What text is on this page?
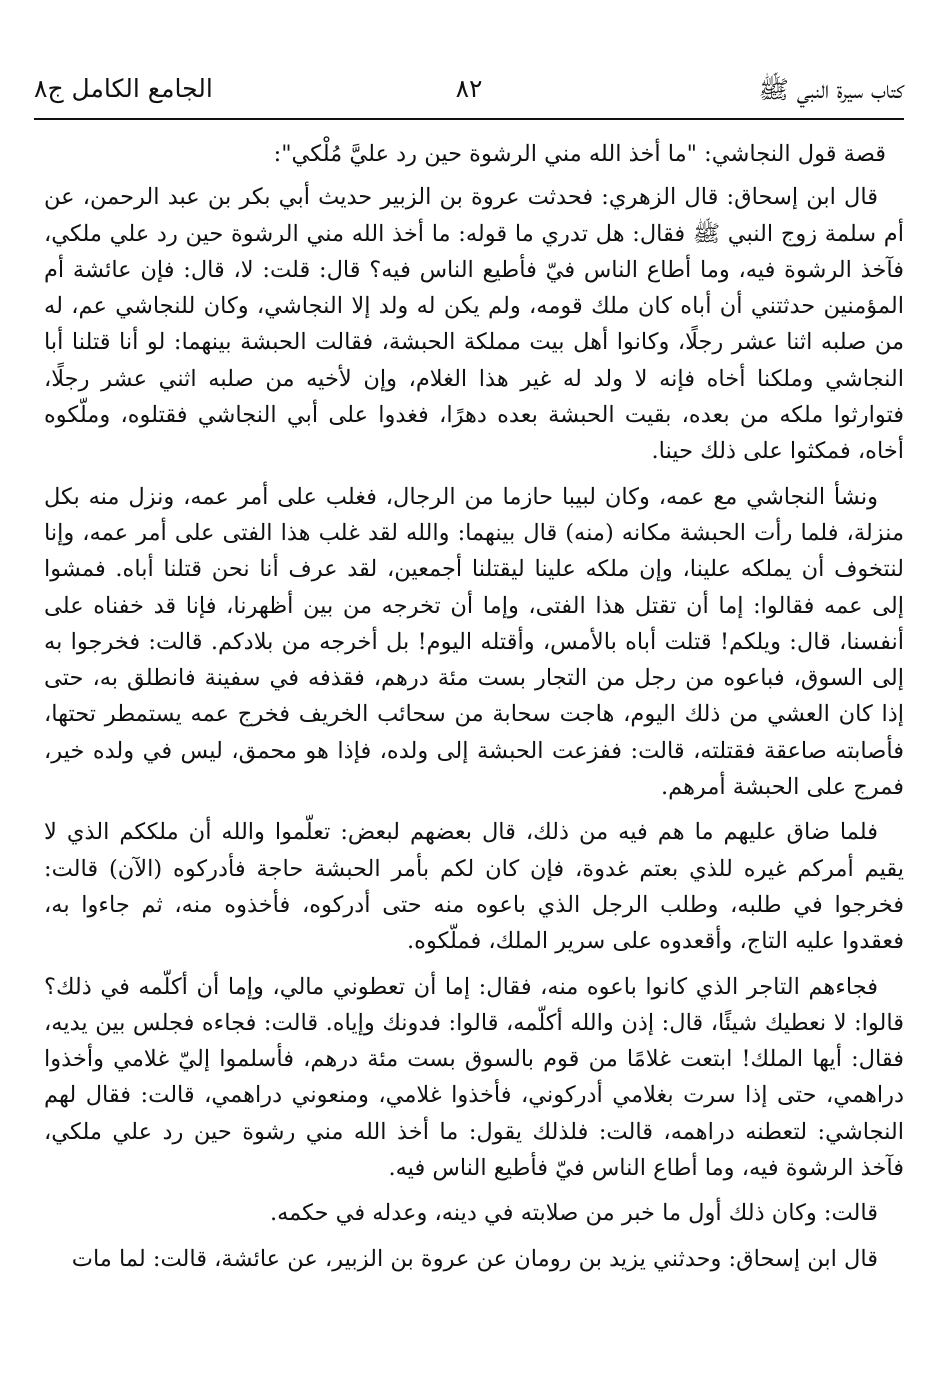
كتاب سيرة النبي ﷺ
٨٢
الجامع الكامل ج٨

قصة قول النجاشي: "ما أخذ الله مني الرشوة حين رد عليَّ مُلْكي":

قال ابن إسحاق: قال الزهري: فحدثت عروة بن الزبير حديث أبي بكر بن عبد الرحمن، عن أم سلمة زوج النبي ﷺ فقال: هل تدري ما قوله: ما أخذ الله مني الرشوة حين رد علي ملكي، فآخذ الرشوة فيه، وما أطاع الناس فيّ فأطيع الناس فيه؟ قال: قلت: لا، قال: فإن عائشة أم المؤمنين حدثتني أن أباه كان ملك قومه، ولم يكن له ولد إلا النجاشي، وكان للنجاشي عم، له من صلبه اثنا عشر رجلًا، وكانوا أهل بيت مملكة الحبشة، فقالت الحبشة بينهما: لو أنا قتلنا أبا النجاشي وملكنا أخاه فإنه لا ولد له غير هذا الغلام، وإن لأخيه من صلبه اثني عشر رجلًا، فتوارثوا ملكه من بعده، بقيت الحبشة بعده دهرًا، فغدوا على أبي النجاشي فقتلوه، وملّكوه أخاه، فمكثوا على ذلك حينا.

ونشأ النجاشي مع عمه، وكان لبيبا حازما من الرجال، فغلب على أمر عمه، ونزل منه بكل منزلة، فلما رأت الحبشة مكانه (منه) قال بينهما: والله لقد غلب هذا الفتى على أمر عمه، وإنا لنتخوف أن يملكه علينا، وإن ملكه علينا ليقتلنا أجمعين، لقد عرف أنا نحن قتلنا أباه. فمشوا إلى عمه فقالوا: إما أن تقتل هذا الفتى، وإما أن تخرجه من بين أظهرنا، فإنا قد خفناه على أنفسنا، قال: ويلكم! قتلت أباه بالأمس، وأقتله اليوم! بل أخرجه من بلادكم. قالت: فخرجوا به إلى السوق، فباعوه من رجل من التجار بست مئة درهم، فقذفه في سفينة فانطلق به، حتى إذا كان العشي من ذلك اليوم، هاجت سحابة من سحائب الخريف فخرج عمه يستمطر تحتها، فأصابته صاعقة فقتلته، قالت: ففزعت الحبشة إلى ولده، فإذا هو محمق، ليس في ولده خير، فمرج على الحبشة أمرهم.

فلما ضاق عليهم ما هم فيه من ذلك، قال بعضهم لبعض: تعلّموا والله أن ملككم الذي لا يقيم أمركم غيره للذي بعتم غدوة، فإن كان لكم بأمر الحبشة حاجة فأدركوه (الآن) قالت: فخرجوا في طلبه، وطلب الرجل الذي باعوه منه حتى أدركوه، فأخذوه منه، ثم جاءوا به، فعقدوا عليه التاج، وأقعدوه على سرير الملك، فملّكوه.

فجاءهم التاجر الذي كانوا باعوه منه، فقال: إما أن تعطوني مالي، وإما أن أكلّمه في ذلك؟ قالوا: لا نعطيك شيئًا، قال: إذن والله أكلّمه، قالوا: فدونك وإياه. قالت: فجاءه فجلس بين يديه، فقال: أيها الملك! ابتعت غلامًا من قوم بالسوق بست مئة درهم، فأسلموا إليّ غلامي وأخذوا دراهمي، حتى إذا سرت بغلامي أدركوني، فأخذوا غلامي، ومنعوني دراهمي، قالت: فقال لهم النجاشي: لتعطنه دراهمه، قالت: فلذلك يقول: ما أخذ الله مني رشوة حين رد علي ملكي، فآخذ الرشوة فيه، وما أطاع الناس فيّ فأطيع الناس فيه.

قالت: وكان ذلك أول ما خبر من صلابته في دينه، وعدله في حكمه.

قال ابن إسحاق: وحدثني يزيد بن رومان عن عروة بن الزبير، عن عائشة، قالت: لما مات
